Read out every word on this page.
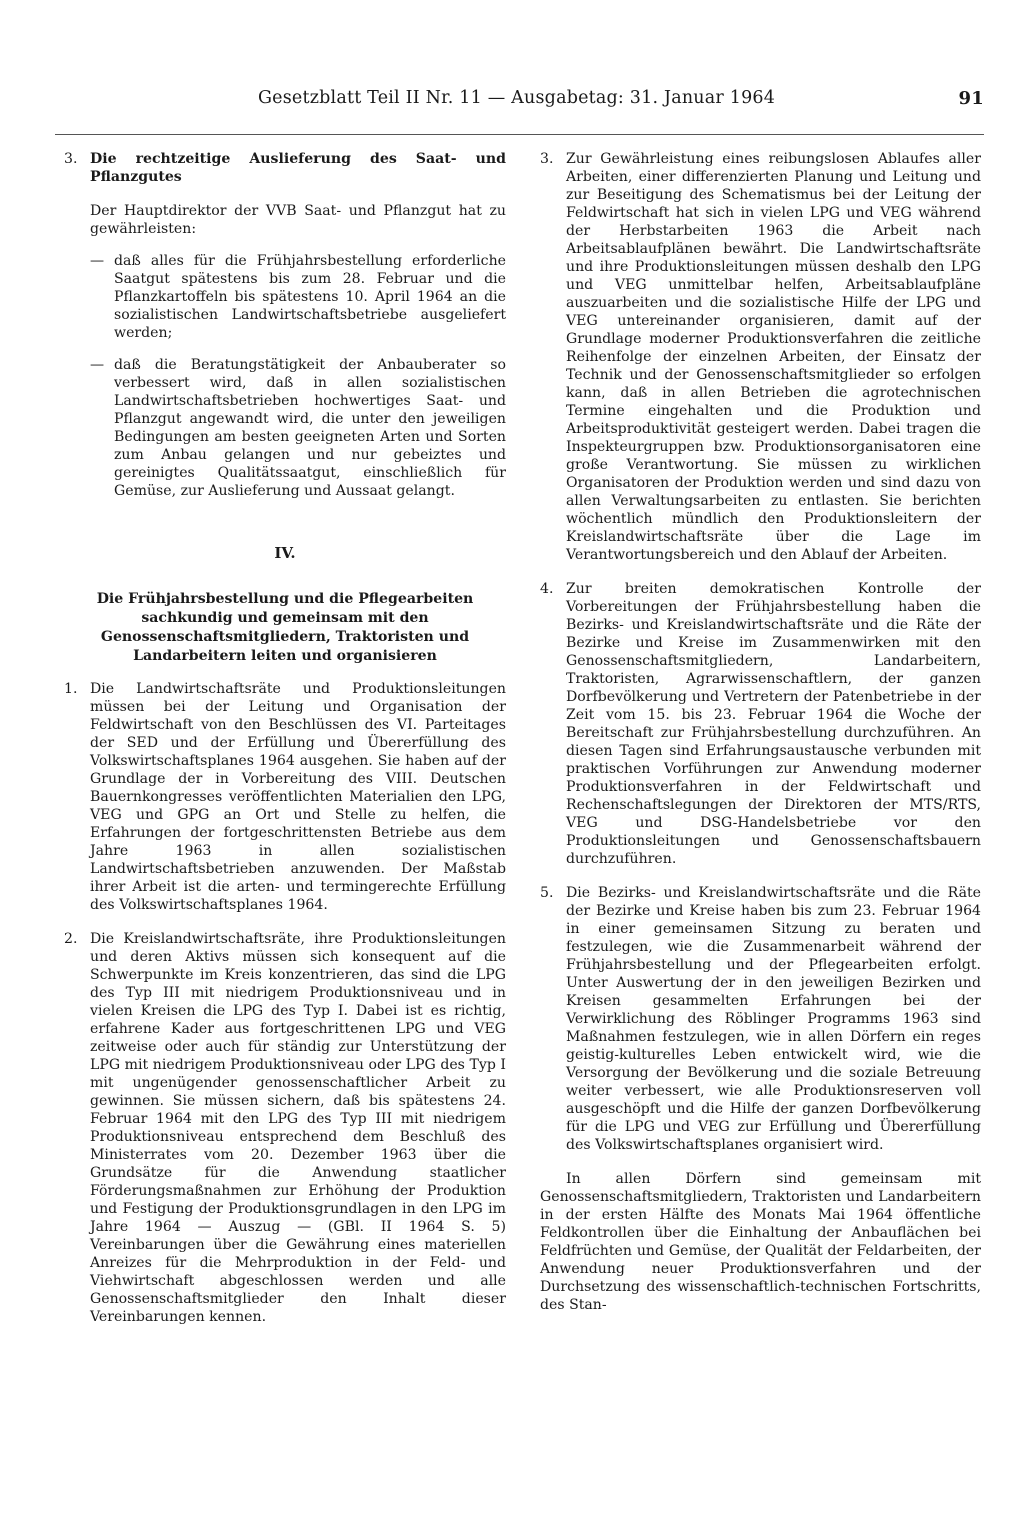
Gesetzblatt Teil II Nr. 11 — Ausgabetag: 31. Januar 1964	91
3. Die rechtzeitige Auslieferung des Saat- und Pflanzgutes

Der Hauptdirektor der VVB Saat- und Pflanzgut hat zu gewährleisten:

— daß alles für die Frühjahrsbestellung erforderliche Saatgut spätestens bis zum 28. Februar und die Pflanzkartoffeln bis spätestens 10. April 1964 an die sozialistischen Landwirtschaftsbetriebe ausgeliefert werden;
— daß die Beratungstätigkeit der Anbauberater so verbessert wird, daß in allen sozialistischen Landwirtschaftsbetrieben hochwertiges Saat- und Pflanzgut angewandt wird, die unter den jeweiligen Bedingungen am besten geeigneten Arten und Sorten zum Anbau gelangen und nur gebeiztes und gereinigtes Qualitätssaatgut, einschließlich für Gemüse, zur Auslieferung und Aussaat gelangt.
IV.
Die Frühjahrsbestellung und die Pflegearbeiten sachkundig und gemeinsam mit den Genossenschaftsmitgliedern, Traktoristen und Landarbeitern leiten und organisieren
1. Die Landwirtschaftsräte und Produktionsleitungen müssen bei der Leitung und Organisation der Feldwirtschaft von den Beschlüssen des VI. Parteitages der SED und der Erfüllung und Übererfüllung des Volkswirtschaftsplanes 1964 ausgehen. Sie haben auf der Grundlage der in Vorbereitung des VIII. Deutschen Bauernkongresses veröffentlichten Materialien den LPG, VEG und GPG an Ort und Stelle zu helfen, die Erfahrungen der fortgeschrittensten Betriebe aus dem Jahre 1963 in allen sozialistischen Landwirtschaftsbetrieben anzuwenden. Der Maßstab ihrer Arbeit ist die arten- und termingerechte Erfüllung des Volkswirtschaftsplanes 1964.
2. Die Kreislandwirtschaftsräte, ihre Produktionsleitungen und deren Aktivs müssen sich konsequent auf die Schwerpunkte im Kreis konzentrieren, das sind die LPG des Typ III mit niedrigem Produktionsniveau und in vielen Kreisen die LPG des Typ I. Dabei ist es richtig, erfahrene Kader aus fortgeschrittenen LPG und VEG zeitweise oder auch für ständig zur Unterstützung der LPG mit niedrigem Produktionsniveau oder LPG des Typ I mit ungenügender genossenschaftlicher Arbeit zu gewinnen. Sie müssen sichern, daß bis spätestens 24. Februar 1964 mit den LPG des Typ III mit niedrigem Produktionsniveau entsprechend dem Beschluß des Ministerrates vom 20. Dezember 1963 über die Grundsätze für die Anwendung staatlicher Förderungsmaßnahmen zur Erhöhung der Produktion und Festigung der Produktionsgrundlagen in den LPG im Jahre 1964 — Auszug — (GBl. II 1964 S. 5) Vereinbarungen über die Gewährung eines materiellen Anreizes für die Mehrproduktion in der Feld- und Viehwirtschaft abgeschlossen werden und alle Genossenschaftsmitglieder den Inhalt dieser Vereinbarungen kennen.
3. Zur Gewährleistung eines reibungslosen Ablaufes aller Arbeiten, einer differenzierten Planung und Leitung und zur Beseitigung des Schematismus bei der Leitung der Feldwirtschaft hat sich in vielen LPG und VEG während der Herbstarbeiten 1963 die Arbeit nach Arbeitsablaufplänen bewährt. Die Landwirtschaftsräte und ihre Produktionsleitungen müssen deshalb den LPG und VEG unmittelbar helfen, Arbeitsablaufpläne auszuarbeiten und die sozialistische Hilfe der LPG und VEG untereinander organisieren, damit auf der Grundlage moderner Produktionsverfahren die zeitliche Reihenfolge der einzelnen Arbeiten, der Einsatz der Technik und der Genossenschaftsmitglieder so erfolgen kann, daß in allen Betrieben die agrotechnischen Termine eingehalten und die Produktion und Arbeitsproduktivität gesteigert werden. Dabei tragen die Inspekteurgruppen bzw. Produktionsorganisatoren eine große Verantwortung. Sie müssen zu wirklichen Organisatoren der Produktion werden und sind dazu von allen Verwaltungsarbeiten zu entlasten. Sie berichten wöchentlich mündlich den Produktionsleitern der Kreislandwirtschaftsräte über die Lage im Verantwortungsbereich und den Ablauf der Arbeiten.
4. Zur breiten demokratischen Kontrolle der Vorbereitungen der Frühjahrsbestellung haben die Bezirks- und Kreislandwirtschaftsräte und die Räte der Bezirke und Kreise im Zusammenwirken mit den Genossenschaftsmitgliedern, Landarbeitern, Traktoristen, Agrarwissenschaftlern, der ganzen Dorfbevölkerung und Vertretern der Patenbetriebe in der Zeit vom 15. bis 23. Februar 1964 die Woche der Bereitschaft zur Frühjahrsbestellung durchzuführen. An diesen Tagen sind Erfahrungsaustausche verbunden mit praktischen Vorführungen zur Anwendung moderner Produktionsverfahren in der Feldwirtschaft und Rechenschaftslegungen der Direktoren der MTS/RTS, VEG und DSG-Handelsbetriebe vor den Produktionsleitungen und Genossenschaftsbauern durchzuführen.
5. Die Bezirks- und Kreislandwirtschaftsräte und die Räte der Bezirke und Kreise haben bis zum 23. Februar 1964 in einer gemeinsamen Sitzung zu beraten und festzulegen, wie die Zusammenarbeit während der Frühjahrsbestellung und der Pflegearbeiten erfolgt. Unter Auswertung der in den jeweiligen Bezirken und Kreisen gesammelten Erfahrungen bei der Verwirklichung des Röblinger Programms 1963 sind Maßnahmen festzulegen, wie in allen Dörfern ein reges geistig-kulturelles Leben entwickelt wird, wie die Versorgung der Bevölkerung und die soziale Betreuung weiter verbessert, wie alle Produktionsreserven voll ausgeschöpft und die Hilfe der ganzen Dorfbevölkerung für die LPG und VEG zur Erfüllung und Übererfüllung des Volkswirtschaftsplanes organisiert wird.

In allen Dörfern sind gemeinsam mit Genossenschaftsmitgliedern, Traktoristen und Landarbeitern in der ersten Hälfte des Monats Mai 1964 öffentliche Feldkontrollen über die Einhaltung der Anbauflächen bei Feldfrüchten und Gemüse, der Qualität der Feldarbeiten, der Anwendung neuer Produktionsverfahren und der Durchsetzung des wissenschaftlich-technischen Fortschritts, des Stan-
